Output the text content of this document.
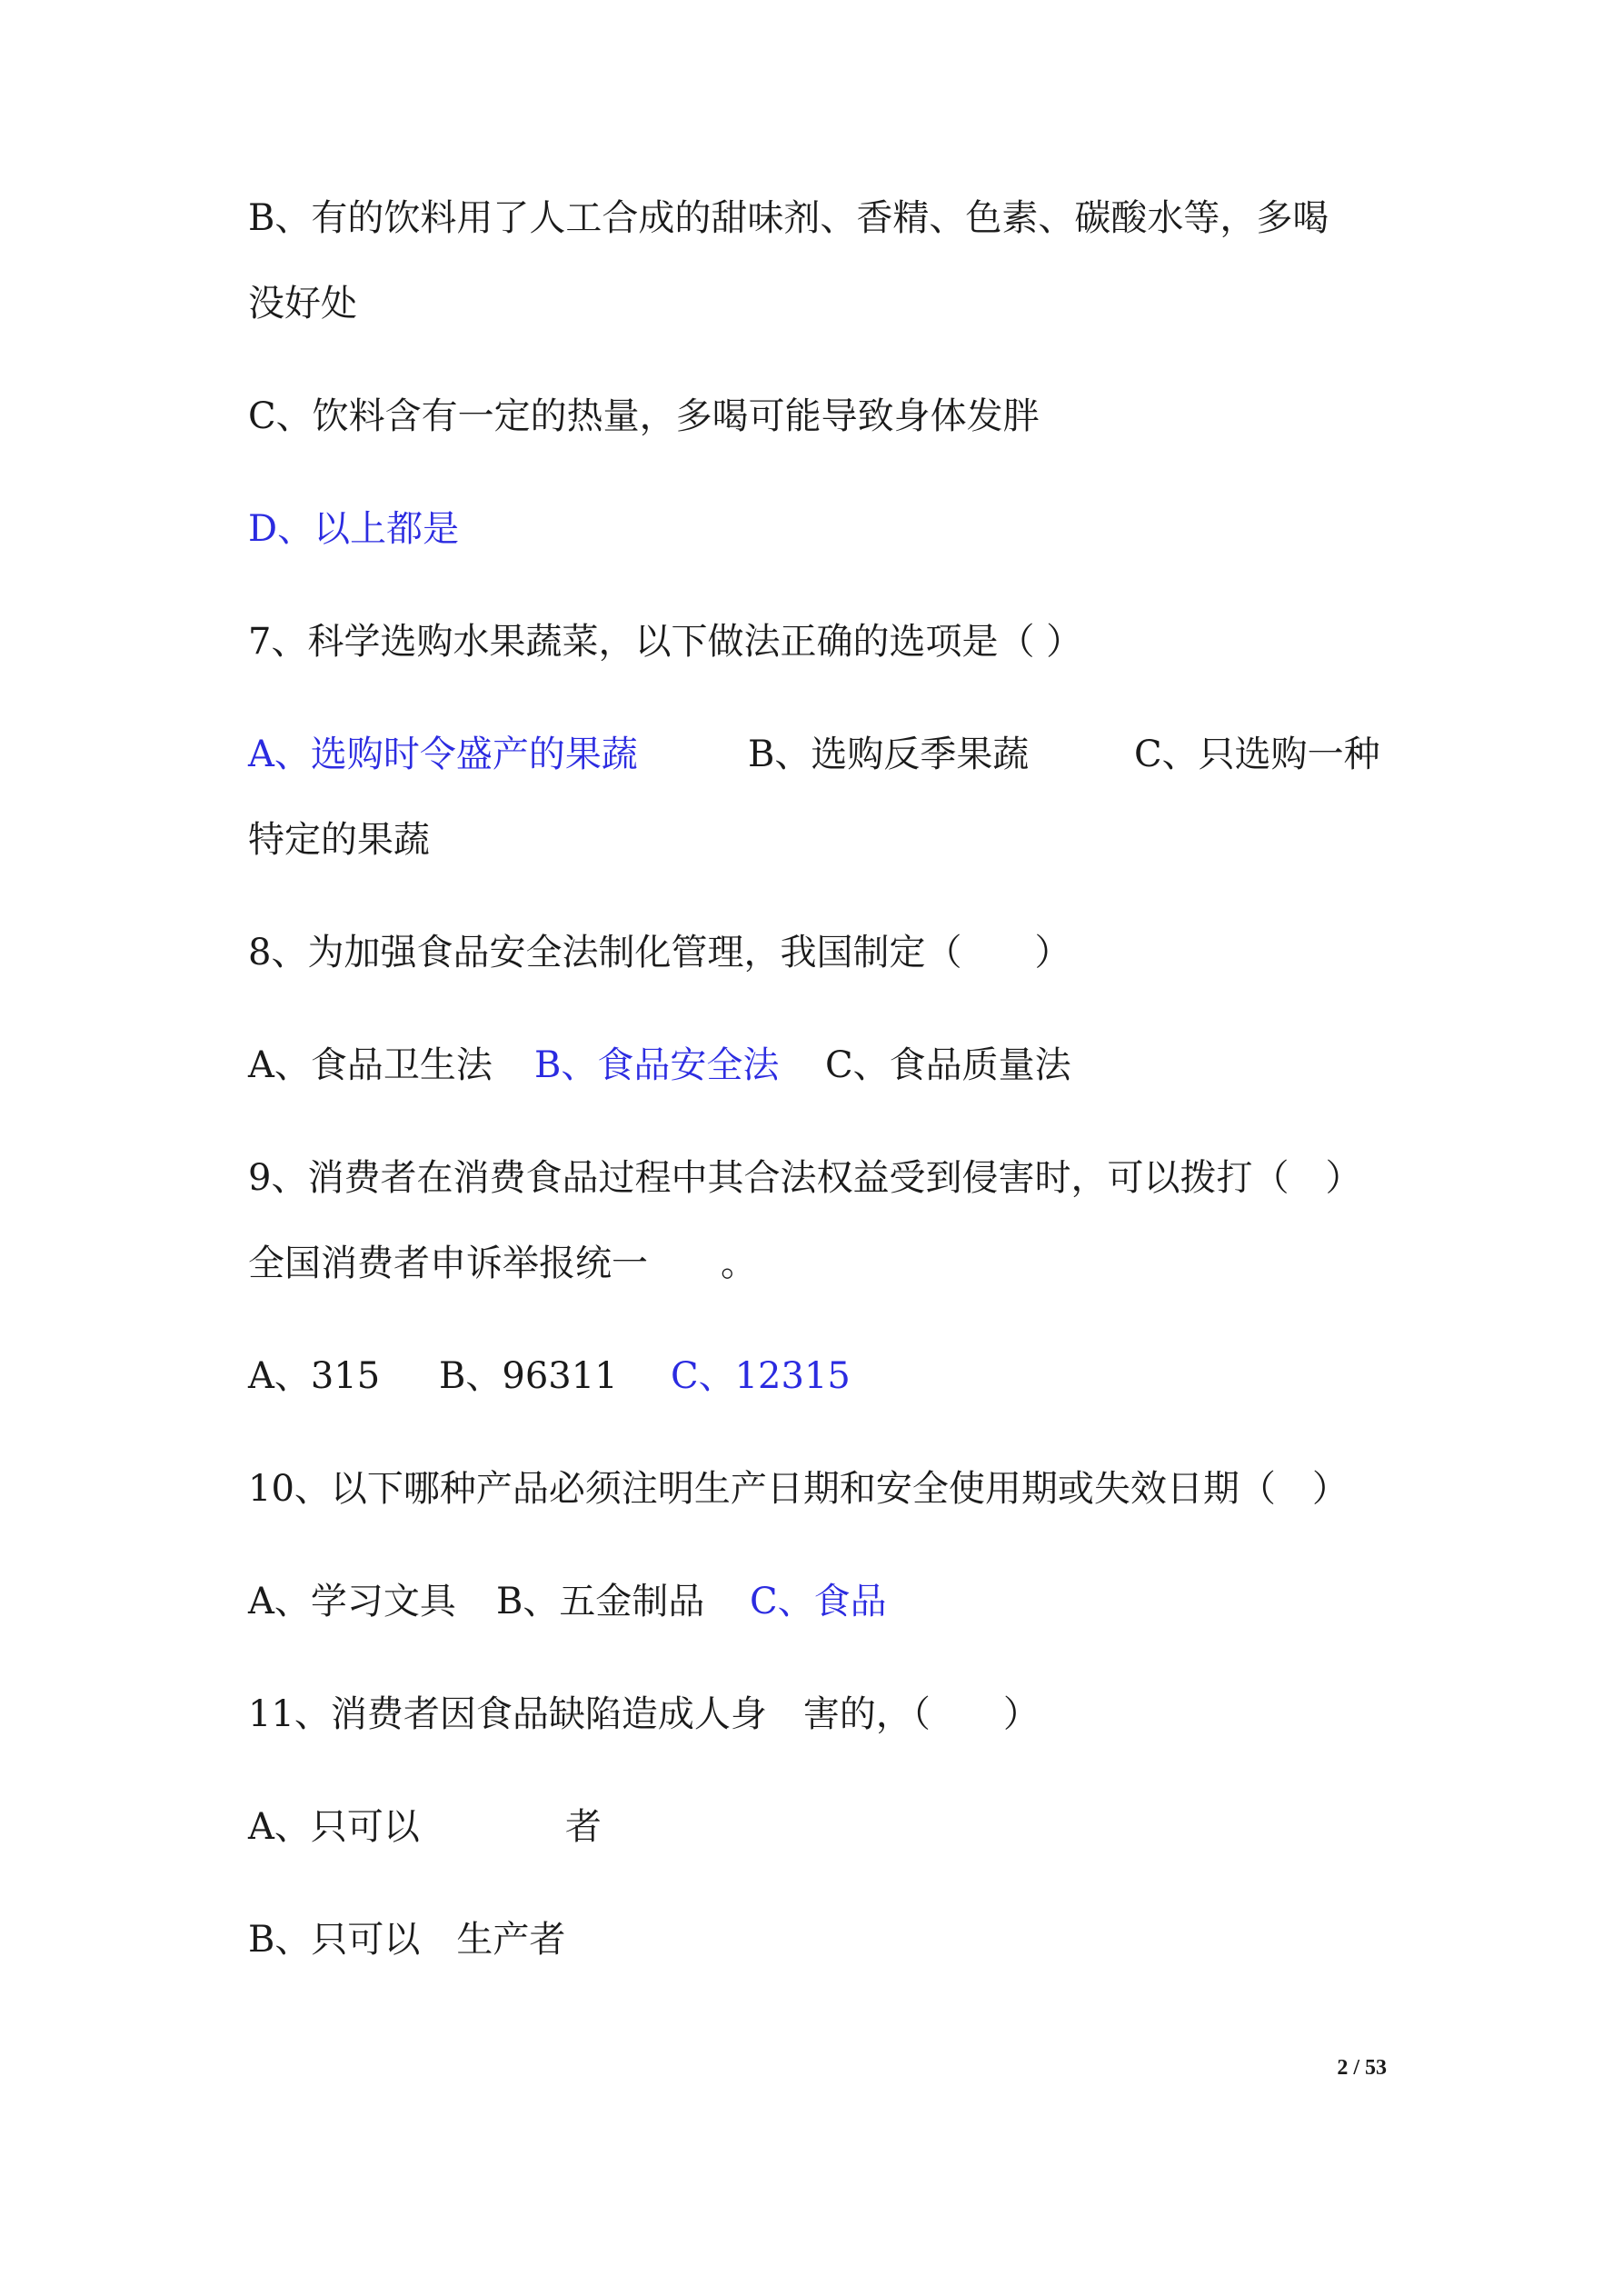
B、有的饮料用了人工合成的甜味剂、香精、色素、碳酸水等，多喝
没好处
C、饮料含有一定的热量，多喝可能导致身体发胖
D、以上都是
7、科学选购水果蔬菜，以下做法正确的选项是（ ）

A、选购时令盛产的果蔬

	B、选购反季果蔬

	C、只选购一种

特定的果蔬
8、为加强食品安全法制化管理，我国制定（　　）

A、食品卫生法

B、食品安全法

C、食品质量法

9、消费者在消费食品过程中其合法权益受到侵害时，可以拨打（　）
全国消费者申诉举报统一　　。

A、315

B、96311

C、12315

10、以下哪种产品必须注明生产日期和安全使用期或失效日期（　）

A、学习文具

B、五金制品

C、食品

11、消费者因食品缺陷造成人身　害的，（　　）
A、只可以　　　　者
B、只可以　生产者
2 / 53
